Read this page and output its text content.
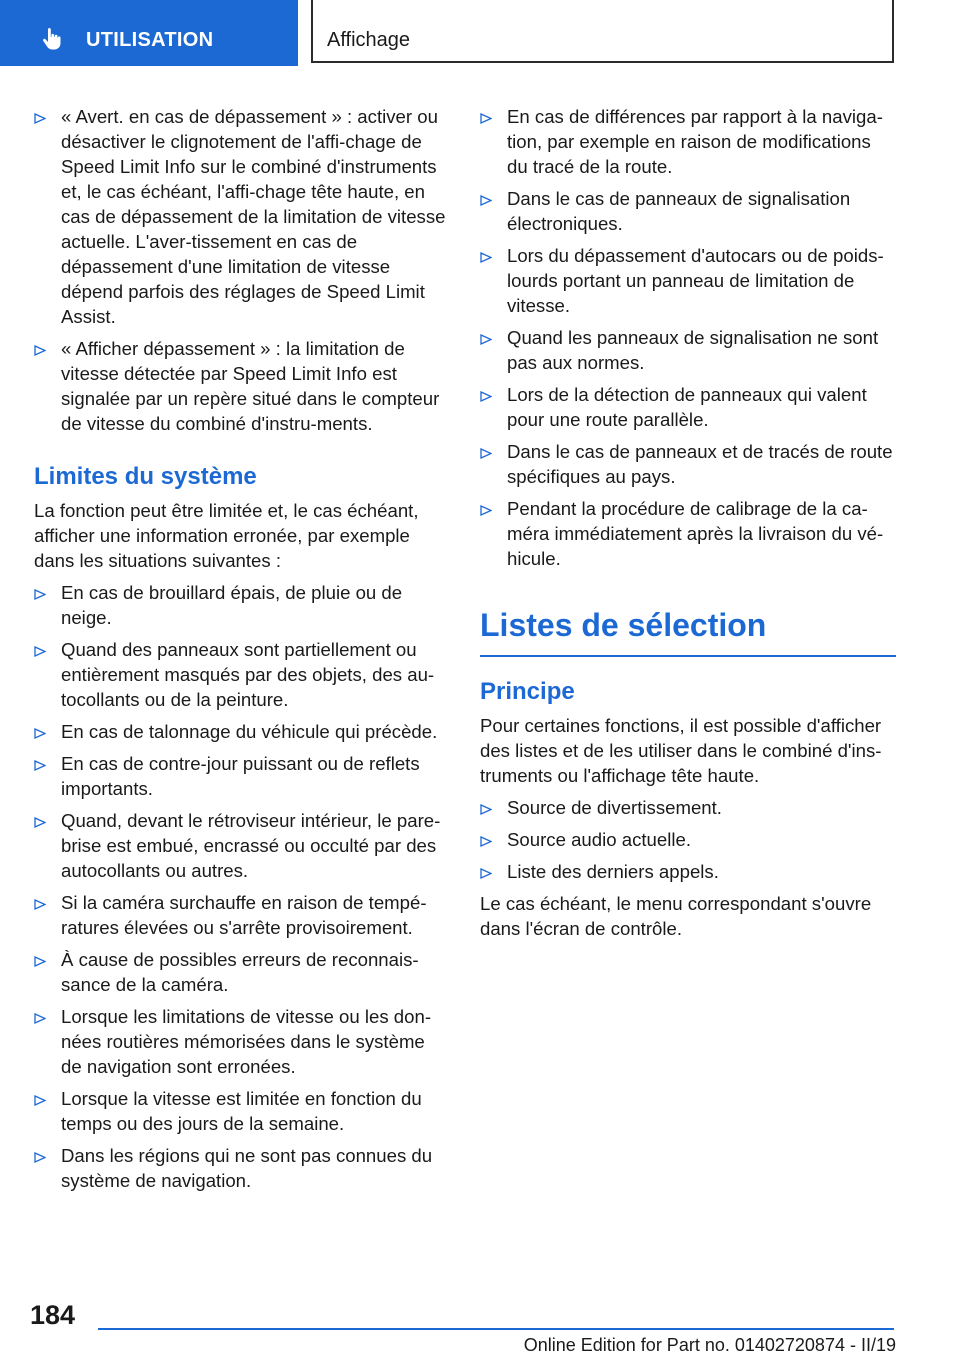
UTILISATION	Affichage
« Avert. en cas de dépassement » : activer ou désactiver le clignotement de l'affi-chage de Speed Limit Info sur le combiné d'instruments et, le cas échéant, l'affi-chage tête haute, en cas de dépassement de la limitation de vitesse actuelle. L'aver-tissement en cas de dépassement d'une limitation de vitesse dépend parfois des réglages de Speed Limit Assist.
« Afficher dépassement » : la limitation de vitesse détectée par Speed Limit Info est signalée par un repère situé dans le compteur de vitesse du combiné d'instru-ments.
Limites du système

La fonction peut être limitée et, le cas échéant, afficher une information erronée, par exemple dans les situations suivantes :

En cas de brouillard épais, de pluie ou de neige.
Quand des panneaux sont partiellement ou entièrement masqués par des objets, des au-tocollants ou de la peinture.
En cas de talonnage du véhicule qui précède.
En cas de contre-jour puissant ou de reflets importants.
Quand, devant le rétroviseur intérieur, le pare-brise est embué, encrassé ou occulté par des autocollants ou autres.
Si la caméra surchauffe en raison de tempé-ratures élevées ou s'arrête provisoirement.
À cause de possibles erreurs de reconnais-sance de la caméra.
Lorsque les limitations de vitesse ou les don-nées routières mémorisées dans le système de navigation sont erronées.
Lorsque la vitesse est limitée en fonction du temps ou des jours de la semaine.
Dans les régions qui ne sont pas connues du système de navigation.
En cas de différences par rapport à la naviga-tion, par exemple en raison de modifications du tracé de la route.
Dans le cas de panneaux de signalisation électroniques.
Lors du dépassement d'autocars ou de poids-lourds portant un panneau de limitation de vitesse.
Quand les panneaux de signalisation ne sont pas aux normes.
Lors de la détection de panneaux qui valent pour une route parallèle.
Dans le cas de panneaux et de tracés de route spécifiques au pays.
Pendant la procédure de calibrage de la ca-méra immédiatement après la livraison du vé-hicule.
Listes de sélection
Principe

Pour certaines fonctions, il est possible d'afficher des listes et de les utiliser dans le combiné d'ins-truments ou l'affichage tête haute.

Source de divertissement.
Source audio actuelle.
Liste des derniers appels.

Le cas échéant, le menu correspondant s'ouvre dans l'écran de contrôle.

184
Online Edition for Part no. 01402720874 - II/19
